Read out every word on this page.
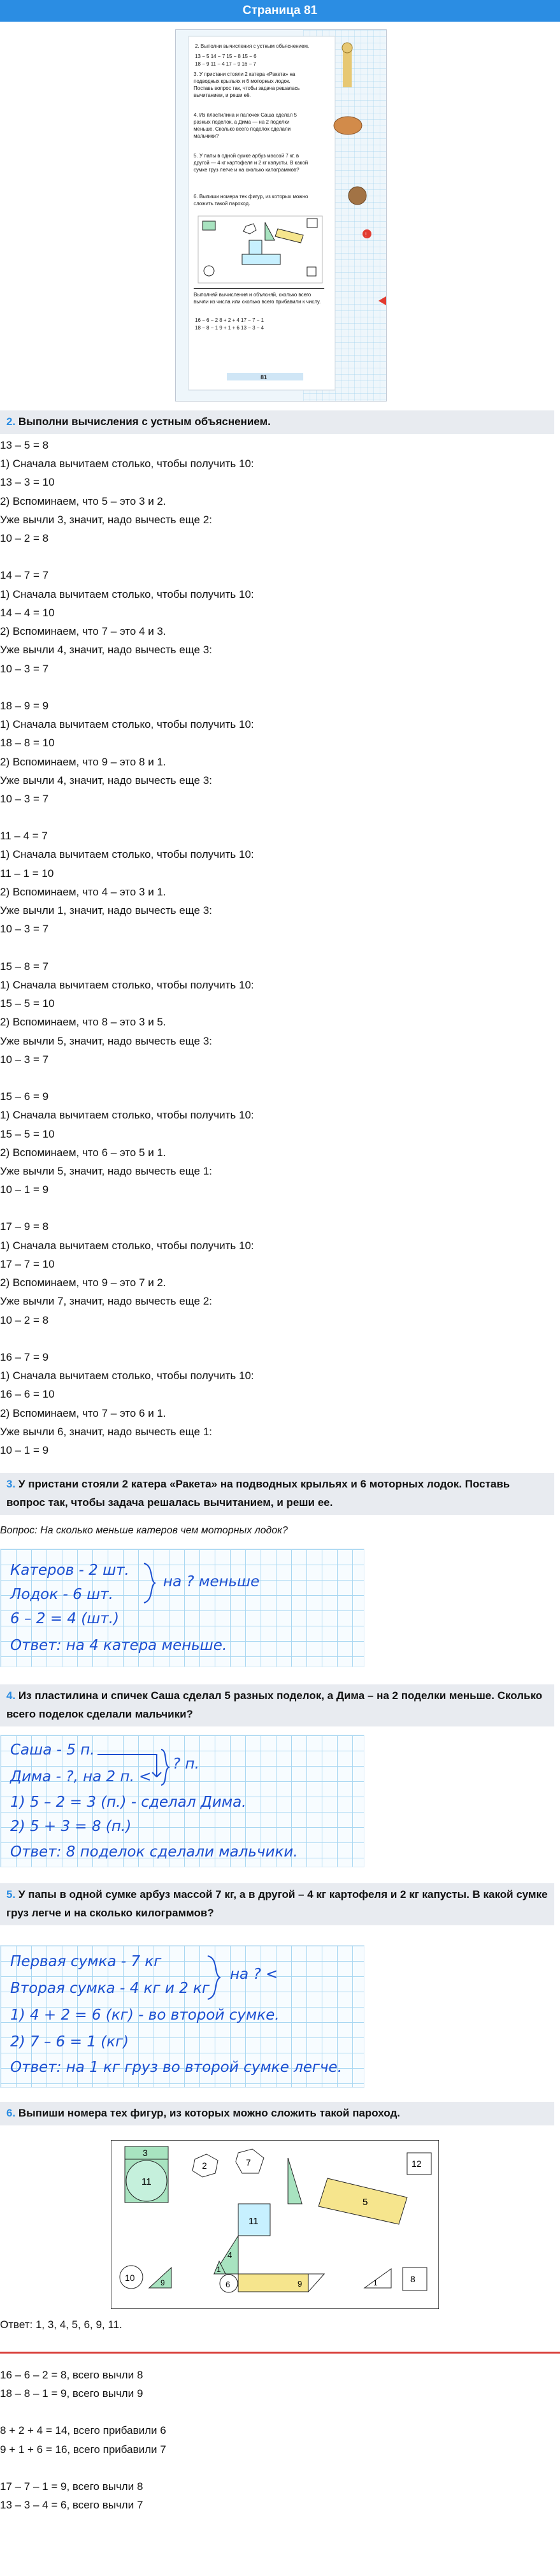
Страница 81
2. Выполни вычисления с устным объяснением.
13 − 5 14 − 7 15 − 8 15 − 6
18 − 9 11 − 4 17 − 9 16 − 7
3. У пристани стояли 2 катера «Ракета» на подводных крыльях и 6 моторных лодок. Поставь вопрос так, чтобы задача решалась вычитанием, и реши её.
4. Из пластилина и палочек Саша сделал 5 разных поделок, а Дима — на 2 поделки меньше. Сколько всего поделок сделали мальчики?
5. У папы в одной сумке арбуз массой 7 кг, в другой — 4 кг картофеля и 2 кг капусты. В какой сумке груз легче и на сколько килограммов?
6. Выпиши номера тех фигур, из которых можно сложить такой пароход.
!
Выполняй вычисления и объясняй, сколько всего вычли из числа или сколько всего прибавили к числу.
16 − 6 − 2 8 + 2 + 4 17 − 7 − 1
18 − 8 − 1 9 + 1 + 6 13 − 3 − 4
81
2. Выполни вычисления с устным объяснением.
13 – 5 = 8
1) Сначала вычитаем столько, чтобы получить 10:
13 – 3 = 10
2) Вспоминаем, что 5 – это 3 и 2.
Уже вычли 3, значит, надо вычесть еще 2:
10 – 2 = 8
14 – 7 = 7
1) Сначала вычитаем столько, чтобы получить 10:
14 – 4 = 10
2) Вспоминаем, что 7 – это 4 и 3.
Уже вычли 4, значит, надо вычесть еще 3:
10 – 3 = 7
18 – 9 = 9
1) Сначала вычитаем столько, чтобы получить 10:
18 – 8 = 10
2) Вспоминаем, что 9 – это 8 и 1.
Уже вычли 4, значит, надо вычесть еще 3:
10 – 3 = 7
11 – 4 = 7
1) Сначала вычитаем столько, чтобы получить 10:
11 – 1 = 10
2) Вспоминаем, что 4 – это 3 и 1.
Уже вычли 1, значит, надо вычесть еще 3:
10 – 3 = 7
15 – 8 = 7
1) Сначала вычитаем столько, чтобы получить 10:
15 – 5 = 10
2) Вспоминаем, что 8 – это 3 и 5.
Уже вычли 5, значит, надо вычесть еще 3:
10 – 3 = 7
15 – 6 = 9
1) Сначала вычитаем столько, чтобы получить 10:
15 – 5 = 10
2) Вспоминаем, что 6 – это 5 и 1.
Уже вычли 5, значит, надо вычесть еще 1:
10 – 1 = 9
17 – 9 = 8
1) Сначала вычитаем столько, чтобы получить 10:
17 – 7 = 10
2) Вспоминаем, что 9 – это 7 и 2.
Уже вычли 7, значит, надо вычесть еще 2:
10 – 2 = 8
16 – 7 = 9
1) Сначала вычитаем столько, чтобы получить 10:
16 – 6 = 10
2) Вспоминаем, что 7 – это 6 и 1.
Уже вычли 6, значит, надо вычесть еще 1:
10 – 1 = 9
3. У пристани стояли 2 катера «Ракета» на подводных крыльях и 6 моторных лодок. Поставь вопрос так, чтобы задача решалась вычитанием, и реши ее.
Вопрос: На сколько меньше катеров чем моторных лодок?
Катеров - 2 шт.
Лодок - 6 шт.
на ? меньше
6 – 2 = 4 (шт.)
Ответ: на 4 катера меньше.
4. Из пластилина и спичек Саша сделал 5 разных поделок, а Дима – на 2 поделки меньше. Сколько всего поделок сделали мальчики?
Саша - 5 п.
Дима - ?, на 2 п. <
? п.
1) 5 – 2 = 3 (п.) - сделал Дима.
2) 5 + 3 = 8 (п.)
Ответ: 8 поделок сделали мальчики.
5. У папы в одной сумке арбуз массой 7 кг, а в другой – 4 кг картофеля и 2 кг капусты. В какой сумке груз легче и на сколько килограммов?
Первая сумка - 7 кг
Вторая сумка - 4 кг и 2 кг
на ? <
1) 4 + 2 = 6 (кг) - во второй сумке.
2) 7 – 6 = 1 (кг)
Ответ: на 1 кг груз во второй сумке легче.
6. Выпиши номера тех фигур, из которых можно сложить такой пароход.
3
11
2	7	12
11
4
1
6	9
5
10	9	1	8
Ответ: 1, 3, 4, 5, 6, 9, 11.
16 – 6 – 2 = 8, всего вычли 8
18 – 8 – 1 = 9, всего вычли 9
8 + 2 + 4 = 14, всего прибавили 6
9 + 1 + 6 = 16, всего прибавили 7
17 – 7 – 1 = 9, всего вычли 8
13 – 3 – 4 = 6, всего вычли 7
